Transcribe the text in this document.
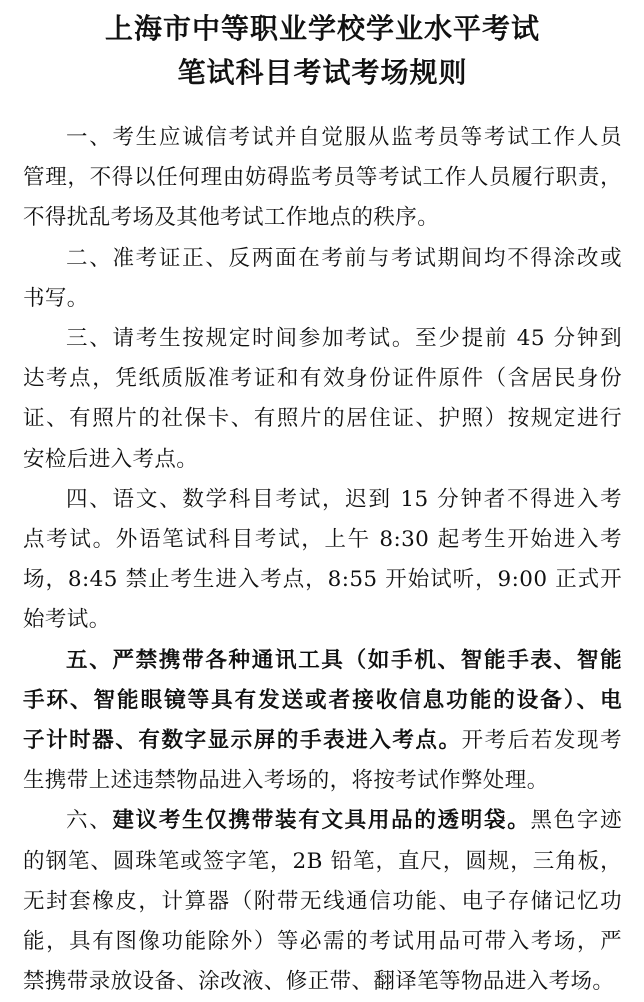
上海市中等职业学校学业水平考试
笔试科目考试考场规则
一、考生应诚信考试并自觉服从监考员等考试工作人员
管理，不得以任何理由妨碍监考员等考试工作人员履行职责，
不得扰乱考场及其他考试工作地点的秩序。
二、准考证正、反两面在考前与考试期间均不得涂改或
书写。
三、请考生按规定时间参加考试。至少提前 45 分钟到
达考点，凭纸质版准考证和有效身份证件原件（含居民身份
证、有照片的社保卡、有照片的居住证、护照）按规定进行
安检后进入考点。
四、语文、数学科目考试，迟到 15 分钟者不得进入考
点考试。外语笔试科目考试，上午 8:30 起考生开始进入考
场，8:45 禁止考生进入考点，8:55 开始试听，9:00 正式开
始考试。
五、严禁携带各种通讯工具（如手机、智能手表、智能
手环、智能眼镜等具有发送或者接收信息功能的设备）、电
子计时器、有数字显示屏的手表进入考点。开考后若发现考
生携带上述违禁物品进入考场的，将按考试作弊处理。
六、建议考生仅携带装有文具用品的透明袋。黑色字迹
的钢笔、圆珠笔或签字笔，2B 铅笔，直尺，圆规，三角板，
无封套橡皮，计算器（附带无线通信功能、电子存储记忆功
能，具有图像功能除外）等必需的考试用品可带入考场，严
禁携带录放设备、涂改液、修正带、翻译笔等物品进入考场。
